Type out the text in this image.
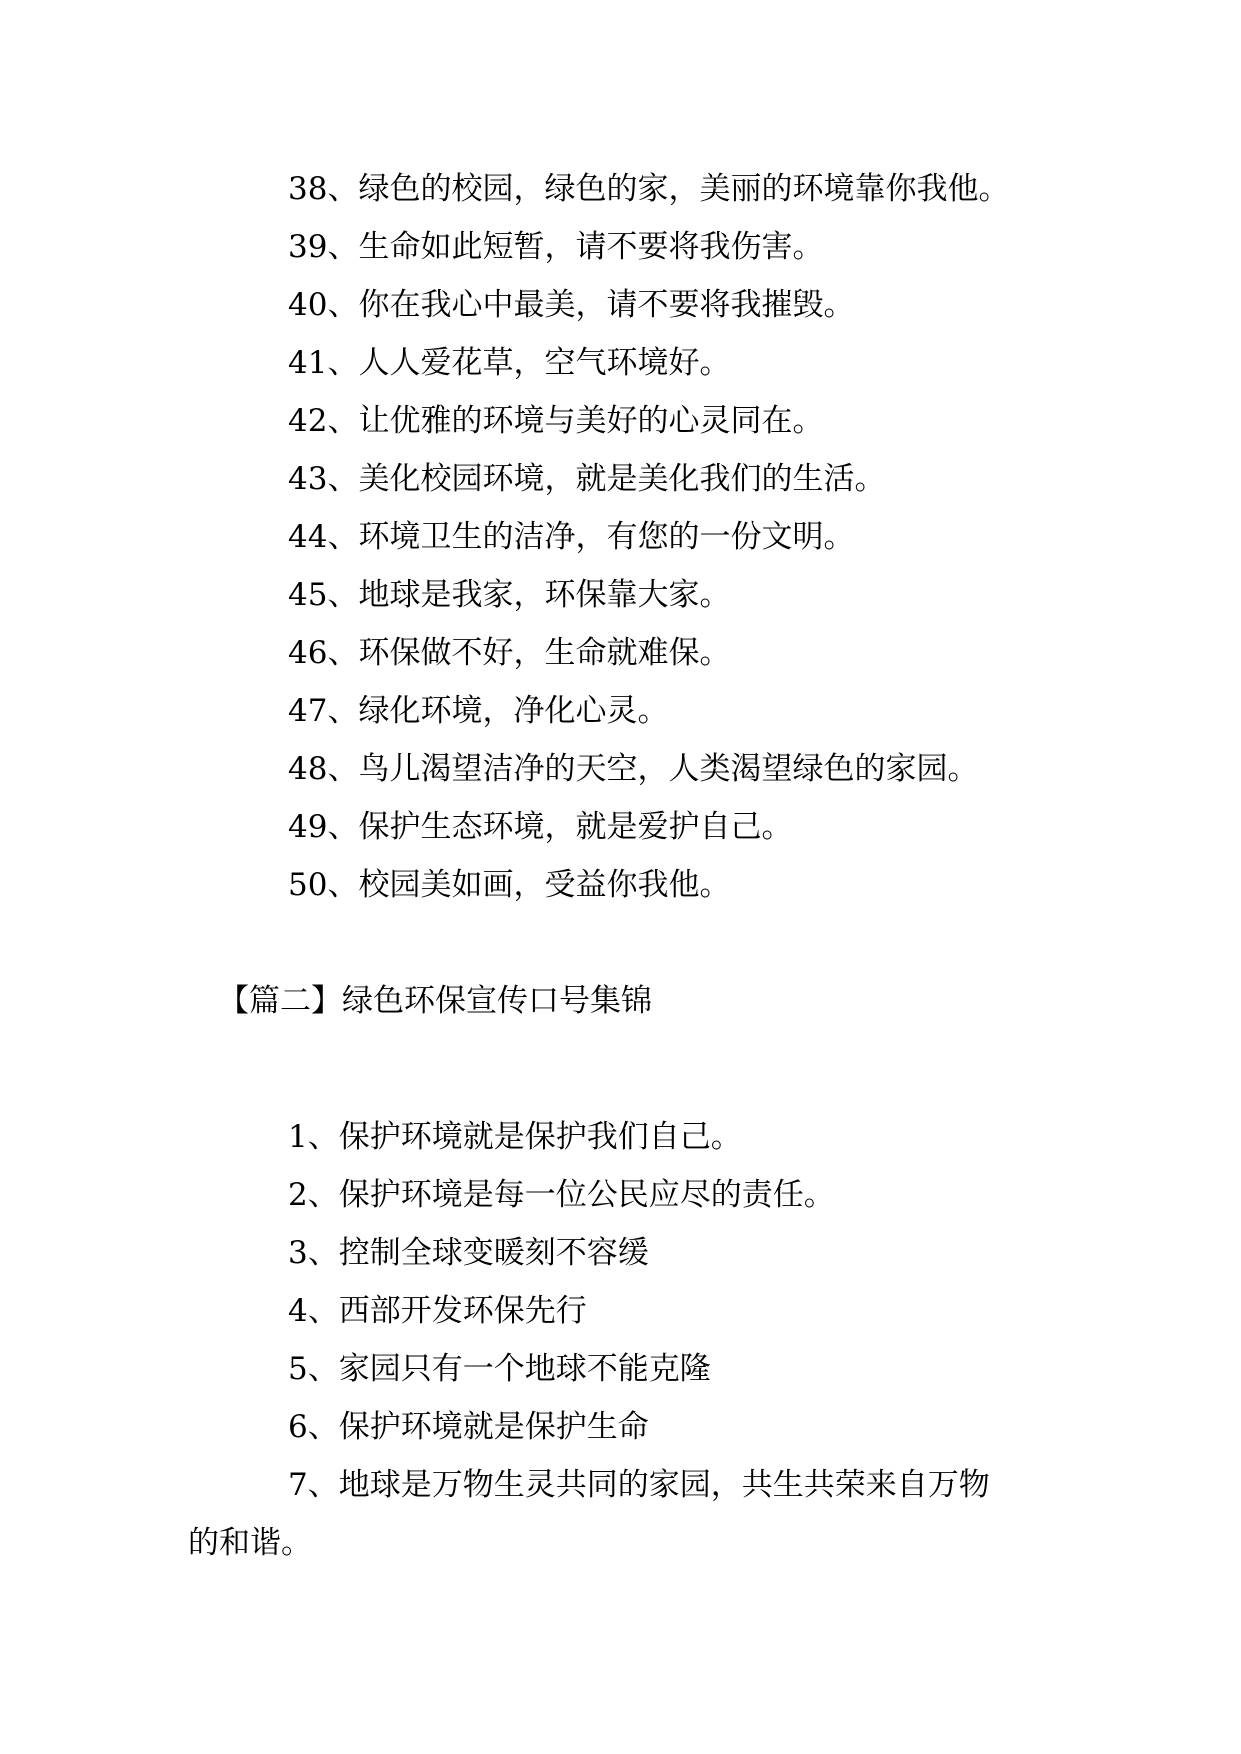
38、绿色的校园，绿色的家，美丽的环境靠你我他。
39、生命如此短暂，请不要将我伤害。
40、你在我心中最美，请不要将我摧毁。
41、人人爱花草，空气环境好。
42、让优雅的环境与美好的心灵同在。
43、美化校园环境，就是美化我们的生活。
44、环境卫生的洁净，有您的一份文明。
45、地球是我家，环保靠大家。
46、环保做不好，生命就难保。
47、绿化环境，净化心灵。
48、鸟儿渴望洁净的天空，人类渴望绿色的家园。
49、保护生态环境，就是爱护自己。
50、校园美如画，受益你我他。
【篇二】绿色环保宣传口号集锦
1、保护环境就是保护我们自己。
2、保护环境是每一位公民应尽的责任。
3、控制全球变暖刻不容缓
4、西部开发环保先行
5、家园只有一个地球不能克隆
6、保护环境就是保护生命
7、地球是万物生灵共同的家园，共生共荣来自万物
的和谐。
